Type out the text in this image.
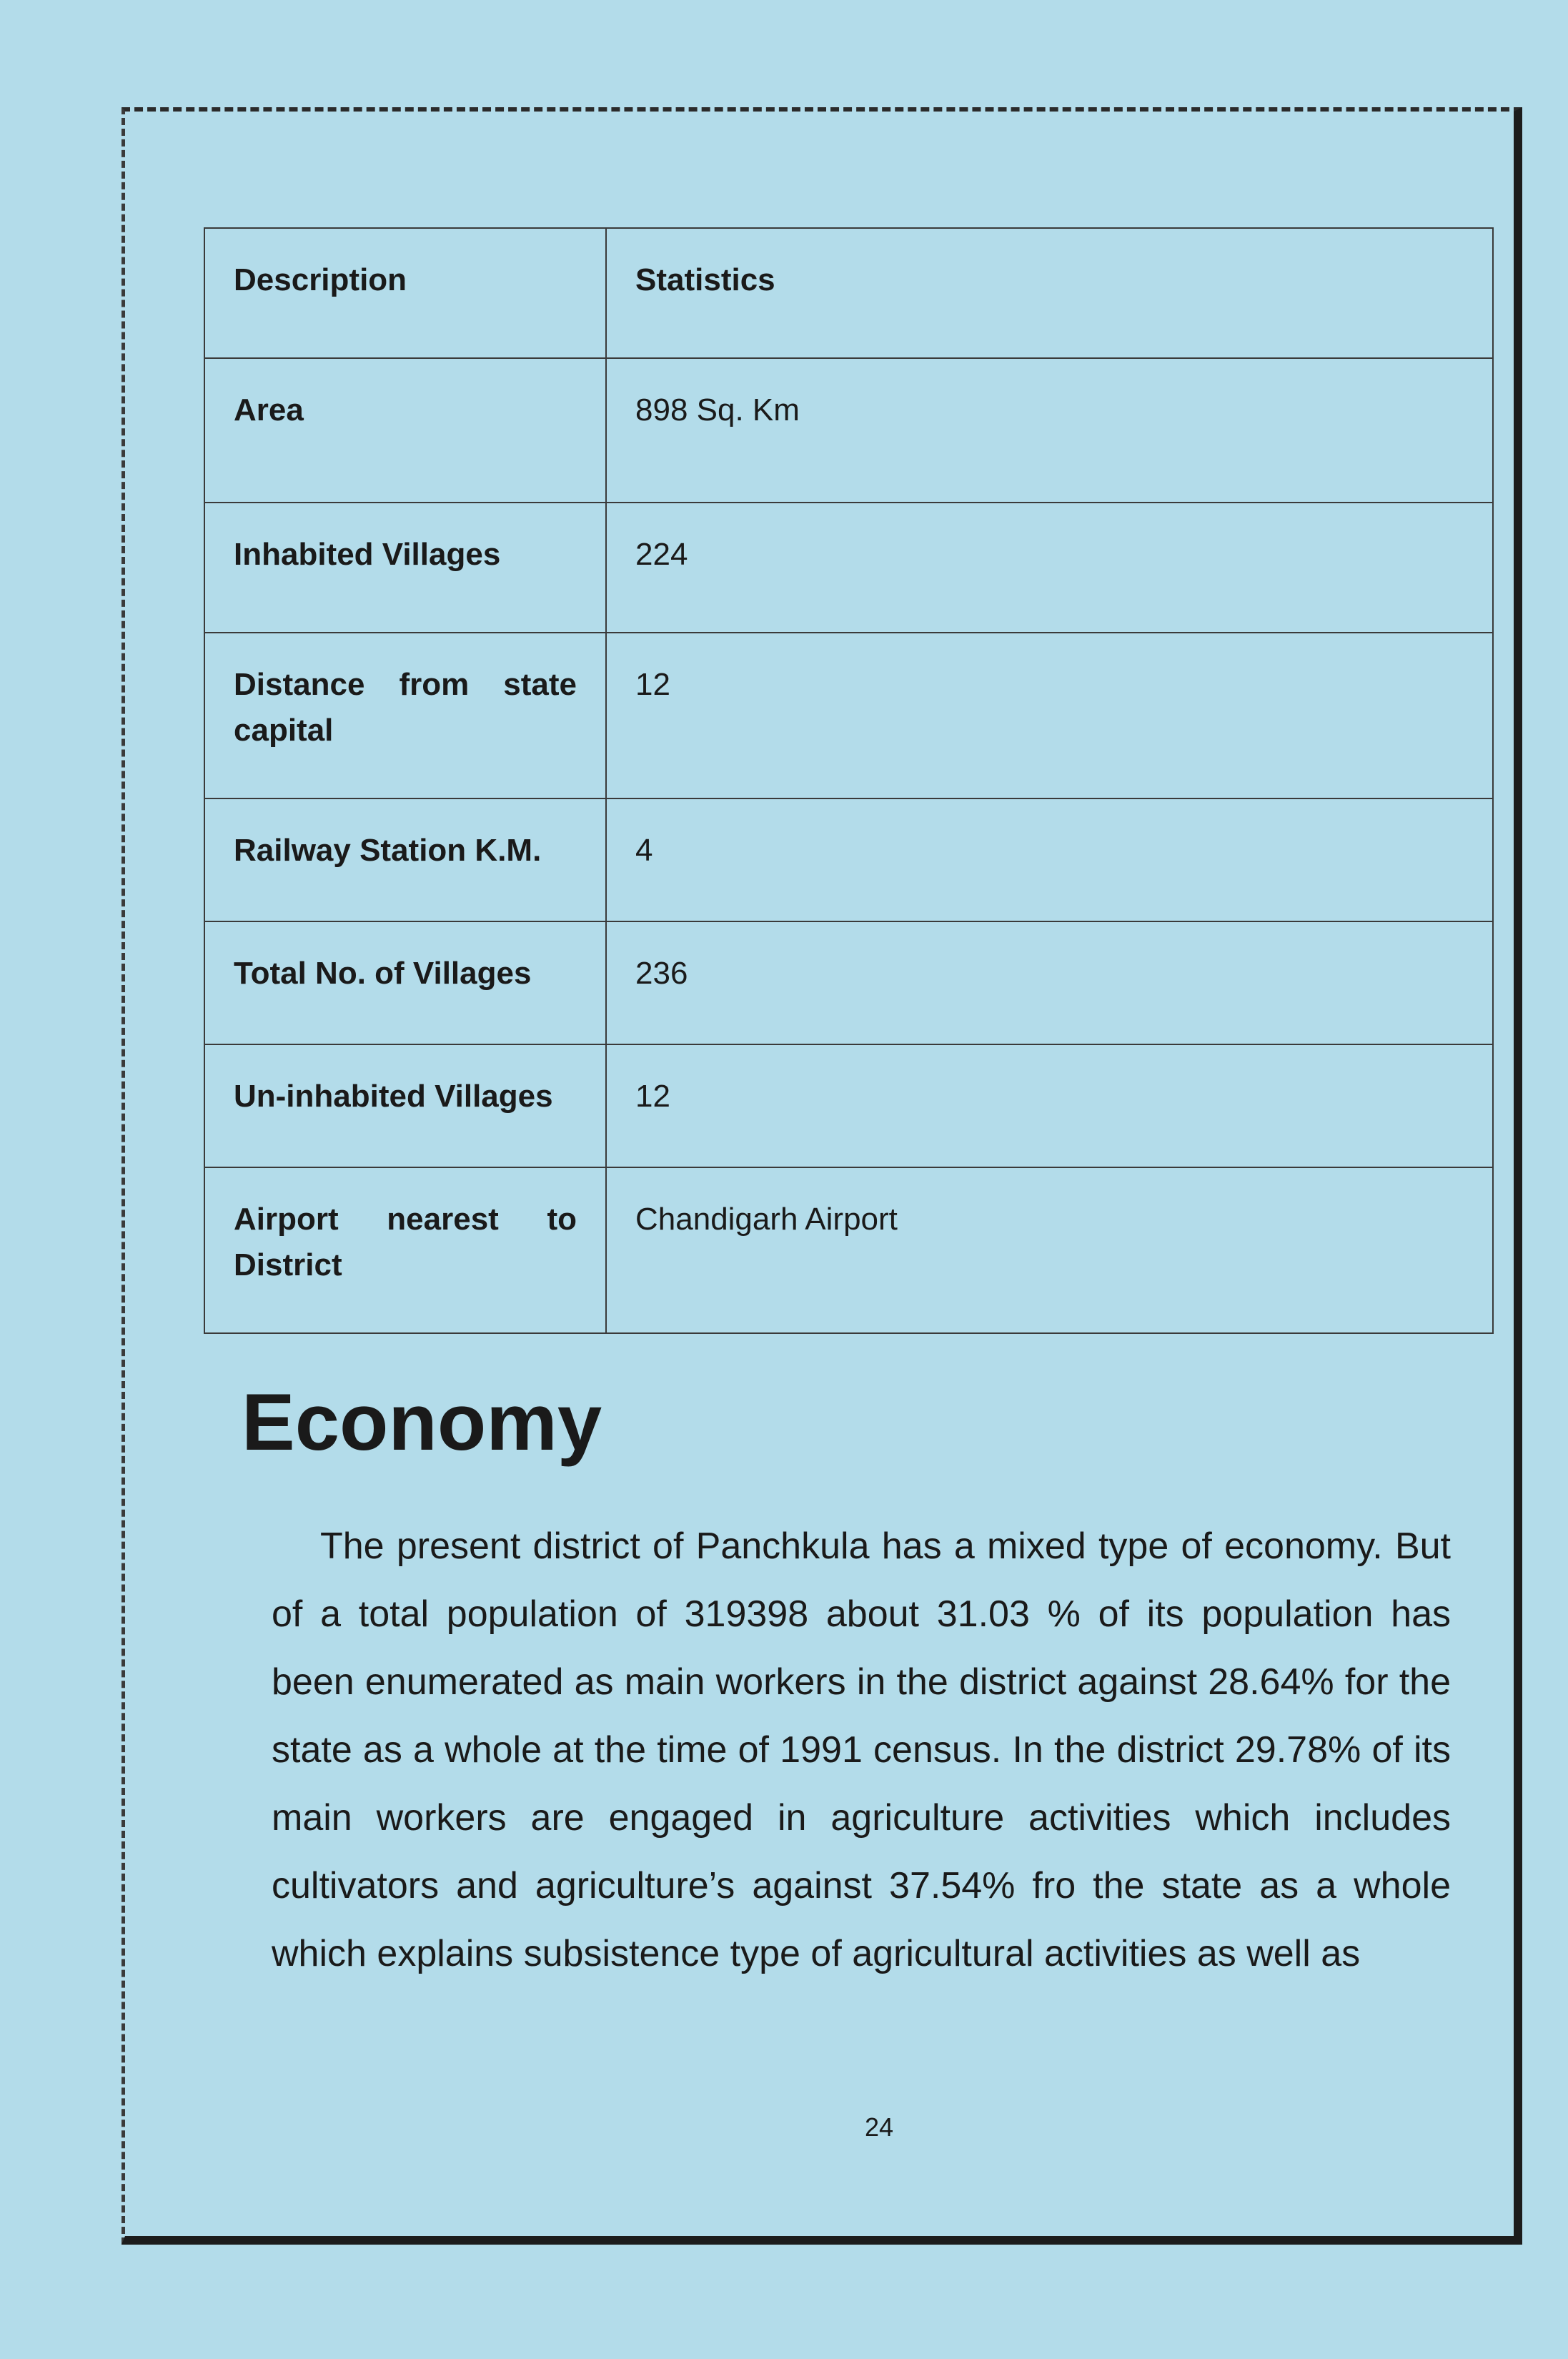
Description	Statistics
Area	898 Sq. Km
Inhabited Villages	224
Distance from state capital	12
Railway Station K.M.	4
Total No. of Villages	236
Un-inhabited Villages	12
Airport nearest to District	Chandigarh Airport
Economy

The present district of Panchkula has a mixed type of economy. But of a total population of 319398 about 31.03 % of its population has been enumerated as main workers in the district against 28.64% for the state as a whole at the time of 1991 census. In the district 29.78% of its main workers are engaged in agriculture activities which includes cultivators and agriculture’s against 37.54% fro the state as a whole which explains subsistence type of agricultural activities as well as

24
